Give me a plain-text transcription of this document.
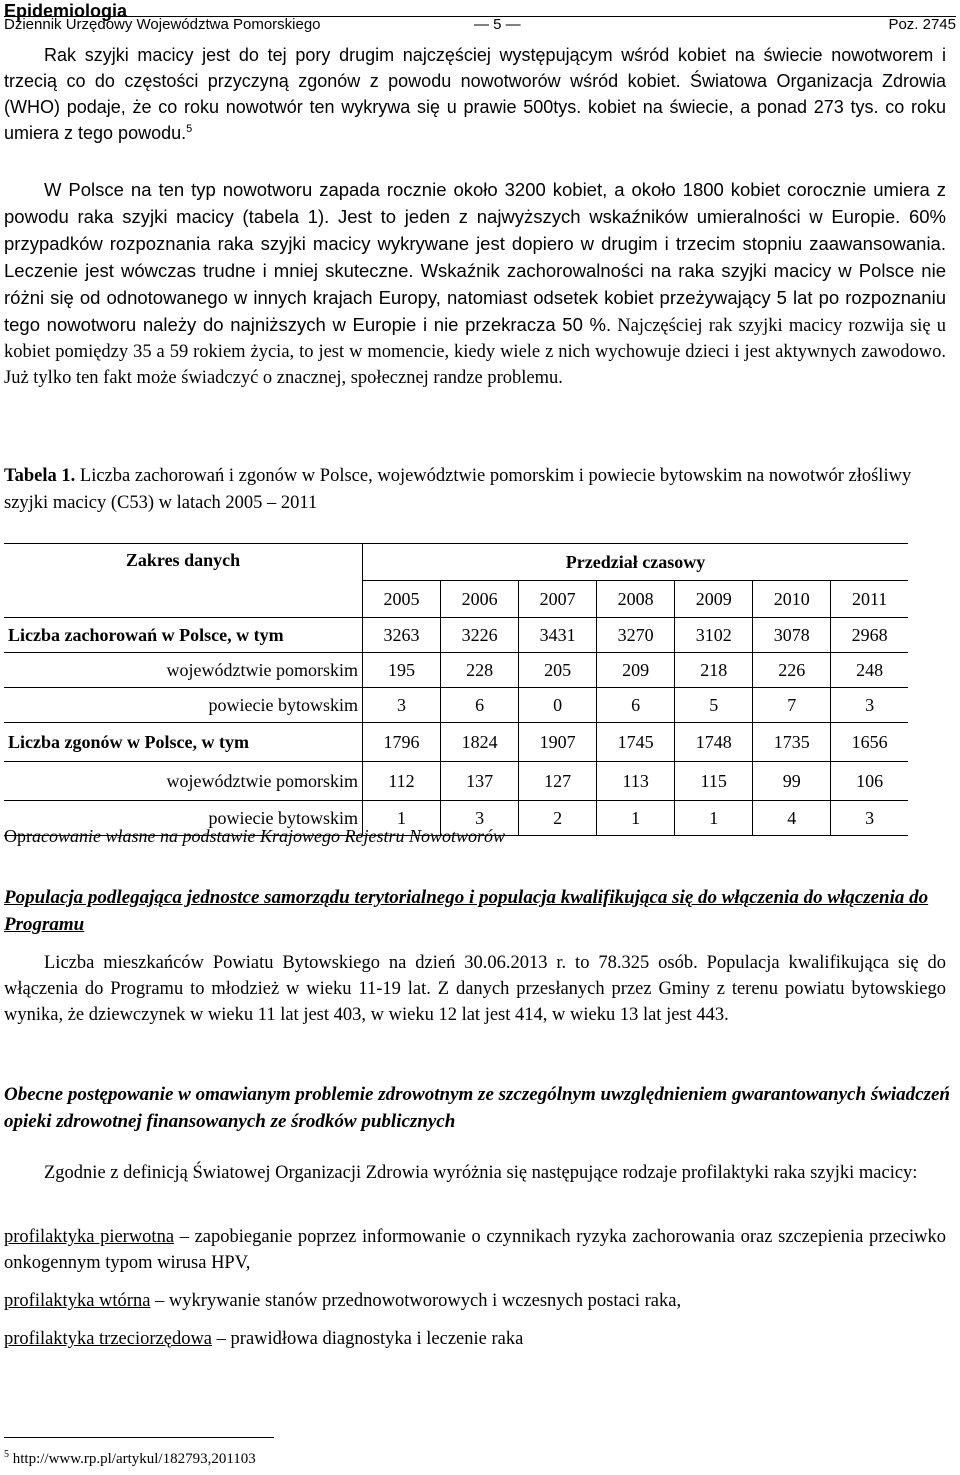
Epidemiologia
Dziennik Urzędowy Województwa Pomorskiego	— 5 —	Poz. 2745

Rak szyjki macicy jest do tej pory drugim najczęściej występującym wśród kobiet na świecie nowotworem i trzecią co do częstości przyczyną zgonów z powodu nowotworów wśród kobiet. Światowa Organizacja Zdrowia (WHO) podaje, że co roku nowotwór ten wykrywa się u prawie 500tys. kobiet na świecie, a ponad 273 tys. co roku umiera z tego powodu.$^5$

W Polsce na ten typ nowotworu zapada rocznie około 3200 kobiet, a około 1800 kobiet corocznie umiera z powodu raka szyjki macicy (tabela 1). Jest to jeden z najwyższych wskaźników umieralności w Europie. 60% przypadków rozpoznania raka szyjki macicy wykrywane jest dopiero w drugim i trzecim stopniu zaawansowania. Leczenie jest wówczas trudne i mniej skuteczne. Wskaźnik zachorowalności na raka szyjki macicy w Polsce nie różni się od odnotowanego w innych krajach Europy, natomiast odsetek kobiet przeżywający 5 lat po rozpoznaniu tego nowotworu należy do najniższych w Europie i nie przekracza 50 %. Najczęściej rak szyjki macicy rozwija się u kobiet pomiędzy 35 a 59 rokiem życia, to jest w momencie, kiedy wiele z nich wychowuje dzieci i jest aktywnych zawodowo. Już tylko ten fakt może świadczyć o znacznej, społecznej randze problemu.

Tabela 1. Liczba zachorowań i zgonów w Polsce, województwie pomorskim i powiecie bytowskim na nowotwór złośliwy szyjki macicy (C53) w latach 2005 – 2011

Zakres danych	Przedział czasowy						
	2005	2006	2007	2008	2009	2010	2011
Liczba zachorowań w Polsce, w tym	3263	3226	3431	3270	3102	3078	2968
województwie pomorskim	195	228	205	209	218	226	248
powiecie bytowskim	3	6	0	6	5	7	3
Liczba zgonów w Polsce, w tym	1796	1824	1907	1745	1748	1735	1656
województwie pomorskim	112	137	127	113	115	99	106
powiecie bytowskim	1	3	2	1	1	4	3

Opracowanie własne na podstawie Krajowego Rejestru Nowotworów

Populacja podlegająca jednostce samorządu terytorialnego i populacja kwalifikująca się do włączenia do włączenia do Programu

Liczba mieszkańców Powiatu Bytowskiego na dzień 30.06.2013 r. to 78.325 osób. Populacja kwalifikująca się do włączenia do Programu to młodzież w wieku 11-19 lat. Z danych przesłanych przez Gminy z terenu powiatu bytowskiego wynika, że dziewczynek w wieku 11 lat jest 403, w wieku 12 lat jest 414, w wieku 13 lat jest 443.

Obecne postępowanie w omawianym problemie zdrowotnym ze szczególnym uwzględnieniem gwarantowanych świadczeń opieki zdrowotnej finansowanych ze środków publicznych

Zgodnie z definicją Światowej Organizacji Zdrowia wyróżnia się następujące rodzaje profilaktyki raka szyjki macicy:

profilaktyka pierwotna – zapobieganie poprzez informowanie o czynnikach ryzyka zachorowania oraz szczepienia przeciwko onkogennym typom wirusa HPV,

profilaktyka wtórna – wykrywanie stanów przednowotworowych i wczesnych postaci raka,

profilaktyka trzeciorzędowa – prawidłowa diagnostyka i leczenie raka

$^5$ http://www.rp.pl/artykul/182793,201103
